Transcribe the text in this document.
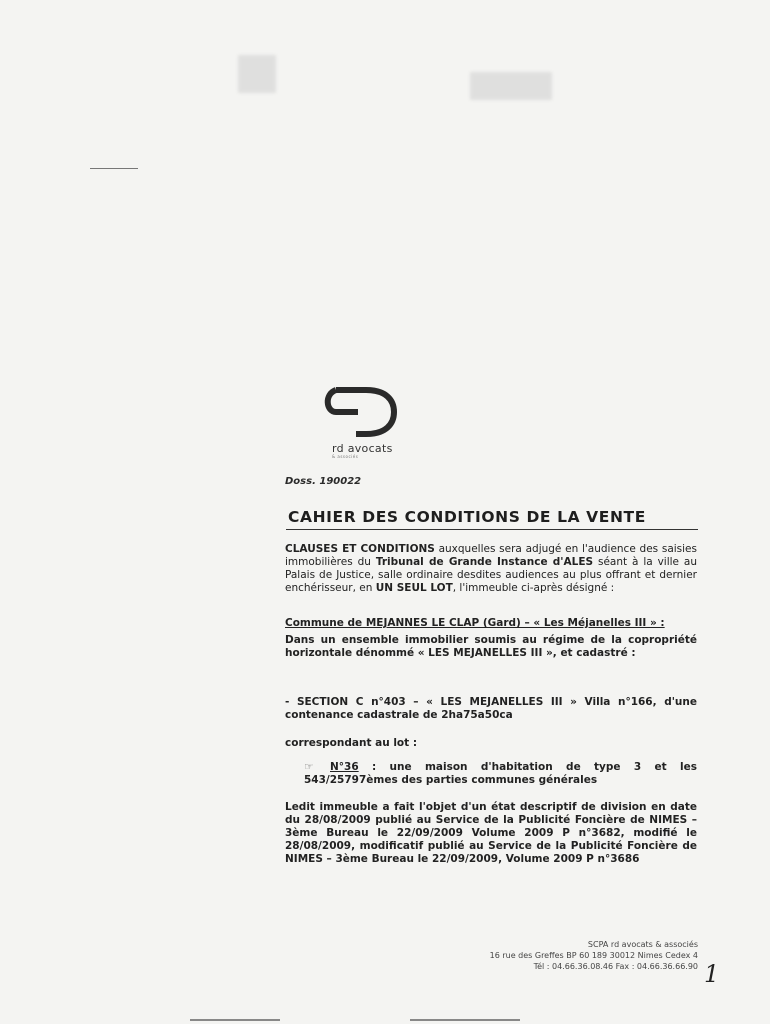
rd avocats
& associés
Doss. 190022
CAHIER DES CONDITIONS DE LA VENTE
CLAUSES ET CONDITIONS auxquelles sera adjugé en l'audience des saisies immobilières du Tribunal de Grande Instance d'ALES séant à la ville au Palais de Justice, salle ordinaire desdites audiences au plus offrant et dernier enchérisseur, en UN SEUL LOT, l'immeuble ci-après désigné :
Commune de MEJANNES LE CLAP (Gard) – « Les Méjanelles III » :
Dans un ensemble immobilier soumis au régime de la copropriété horizontale dénommé « LES MEJANELLES III », et cadastré :
- SECTION C n°403 – « LES MEJANELLES III » Villa n°166, d'une contenance cadastrale de 2ha75a50ca
correspondant au lot :
☞ N°36 : une maison d'habitation de type 3 et les 543/25797èmes des parties communes générales
Ledit immeuble a fait l'objet d'un état descriptif de division en date du 28/08/2009 publié au Service de la Publicité Foncière de NIMES – 3ème Bureau le 22/09/2009 Volume 2009 P n°3682, modifié le 28/08/2009, modificatif publié au Service de la Publicité Foncière de NIMES – 3ème Bureau le 22/09/2009, Volume 2009 P n°3686
SCPA rd avocats & associés
16 rue des Greffes BP 60 189 30012 Nimes Cedex 4
Tél : 04.66.36.08.46 Fax : 04.66.36.66.90 1
